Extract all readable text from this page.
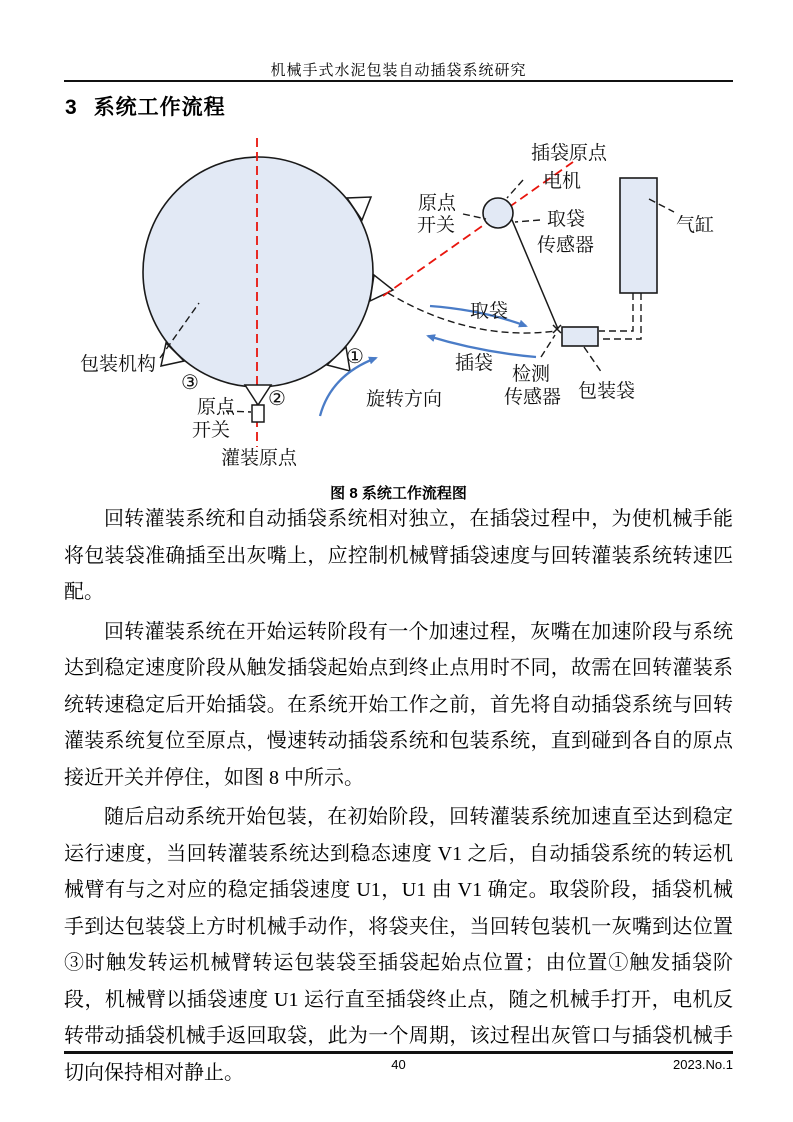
机械手式水泥包装自动插袋系统研究
3 系统工作流程
插袋原点
电机
原点
开关	取袋
传感器
气缸
取袋
插袋
检测
传感器 包装袋
旋转方向
包装机构
原点
开关
灌装原点
①
②
③
图 8 系统工作流程图

回转灌装系统和自动插袋系统相对独立，在插袋过程中，为使机械手能将包装袋准确插至出灰嘴上，应控制机械臂插袋速度与回转灌装系统转速匹配。

回转灌装系统在开始运转阶段有一个加速过程，灰嘴在加速阶段与系统达到稳定速度阶段从触发插袋起始点到终止点用时不同，故需在回转灌装系统转速稳定后开始插袋。在系统开始工作之前，首先将自动插袋系统与回转灌装系统复位至原点，慢速转动插袋系统和包装系统，直到碰到各自的原点接近开关并停住，如图 8 中所示。

随后启动系统开始包装，在初始阶段，回转灌装系统加速直至达到稳定运行速度，当回转灌装系统达到稳态速度 V1 之后，自动插袋系统的转运机械臂有与之对应的稳定插袋速度 U1，U1 由 V1 确定。取袋阶段，插袋机械手到达包装袋上方时机械手动作，将袋夹住，当回转包装机一灰嘴到达位置③时触发转运机械臂转运包装袋至插袋起始点位置；由位置①触发插袋阶段，机械臂以插袋速度 U1 运行直至插袋终止点，随之机械手打开，电机反转带动插袋机械手返回取袋，此为一个周期，该过程出灰管口与插袋机械手切向保持相对静止。	40	2023.No.1
